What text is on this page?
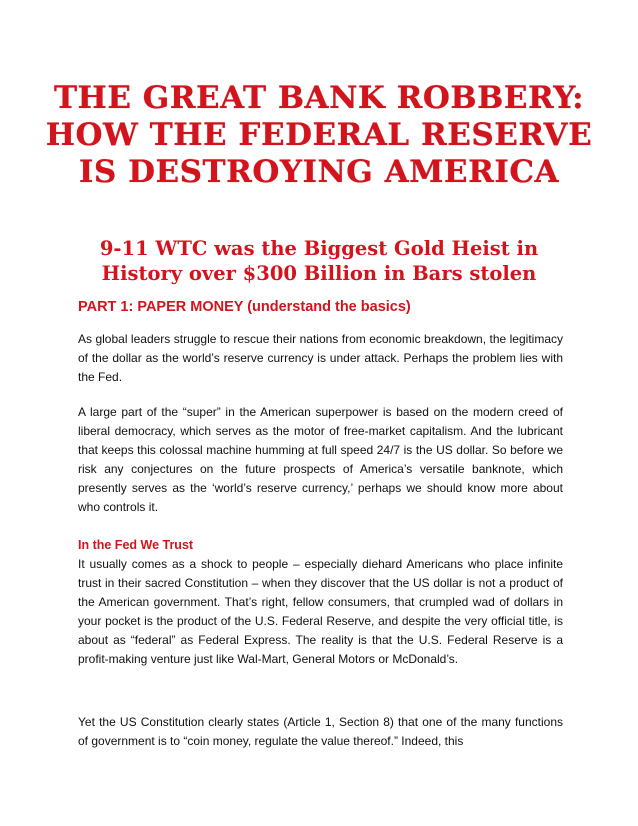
THE GREAT BANK ROBBERY:
HOW THE FEDERAL RESERVE
IS DESTROYING AMERICA
9-11 WTC was the Biggest Gold Heist in
History over $300 Billion in Bars stolen
PART 1: PAPER MONEY (understand the basics)
As global leaders struggle to rescue their nations from economic breakdown, the legitimacy of the dollar as the world’s reserve currency is under attack. Perhaps the problem lies with the Fed.
A large part of the “super” in the American superpower is based on the modern creed of liberal democracy, which serves as the motor of free-market capitalism. And the lubricant that keeps this colossal machine humming at full speed 24/7 is the US dollar. So before we risk any conjectures on the future prospects of America’s versatile banknote, which presently serves as the ‘world’s reserve currency,’ perhaps we should know more about who controls it.
In the Fed We Trust
It usually comes as a shock to people – especially diehard Americans who place infinite trust in their sacred Constitution – when they discover that the US dollar is not a product of the American government. That’s right, fellow consumers, that crumpled wad of dollars in your pocket is the product of the U.S. Federal Reserve, and despite the very official title, is about as “federal” as Federal Express. The reality is that the U.S. Federal Reserve is a profit-making venture just like Wal-Mart, General Motors or McDonald’s.
Yet the US Constitution clearly states (Article 1, Section 8) that one of the many functions of government is to “coin money, regulate the value thereof.” Indeed, this
